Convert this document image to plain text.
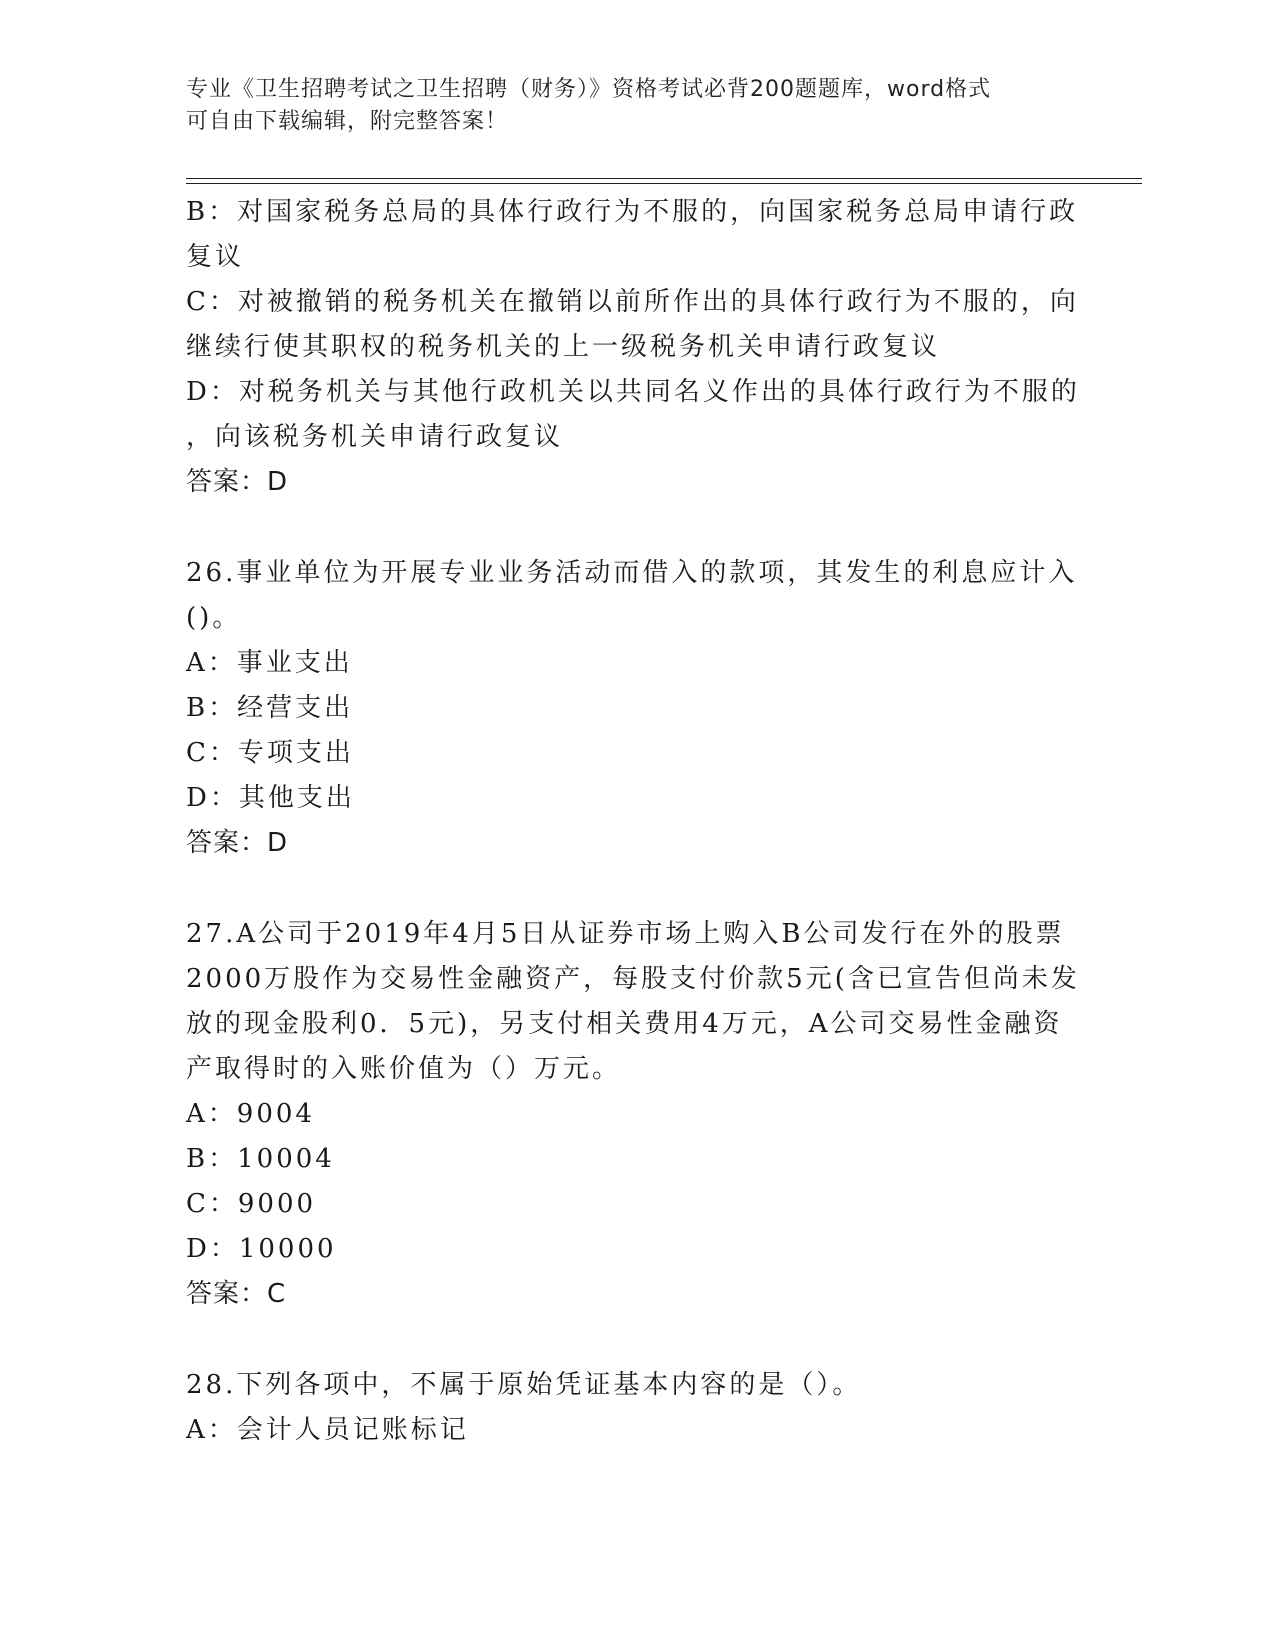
专业《卫生招聘考试之卫生招聘（财务）》资格考试必背200题题库，word格式
可自由下载编辑，附完整答案！
B：对国家税务总局的具体行政行为不服的，向国家税务总局申请行政
复议
C：对被撤销的税务机关在撤销以前所作出的具体行政行为不服的，向
继续行使其职权的税务机关的上一级税务机关申请行政复议
D：对税务机关与其他行政机关以共同名义作出的具体行政行为不服的
，向该税务机关申请行政复议
答案：D
26.事业单位为开展专业业务活动而借入的款项，其发生的利息应计入
()。
A：事业支出
B：经营支出
C：专项支出
D：其他支出
答案：D
27.A公司于2019年4月5日从证券市场上购入B公司发行在外的股票
2000万股作为交易性金融资产，每股支付价款5元(含已宣告但尚未发
放的现金股利0．5元)，另支付相关费用4万元，A公司交易性金融资
产取得时的入账价值为（）万元。
A：9004
B：10004
C：9000
D：10000
答案：C
28.下列各项中，不属于原始凭证基本内容的是（）。
A：会计人员记账标记
